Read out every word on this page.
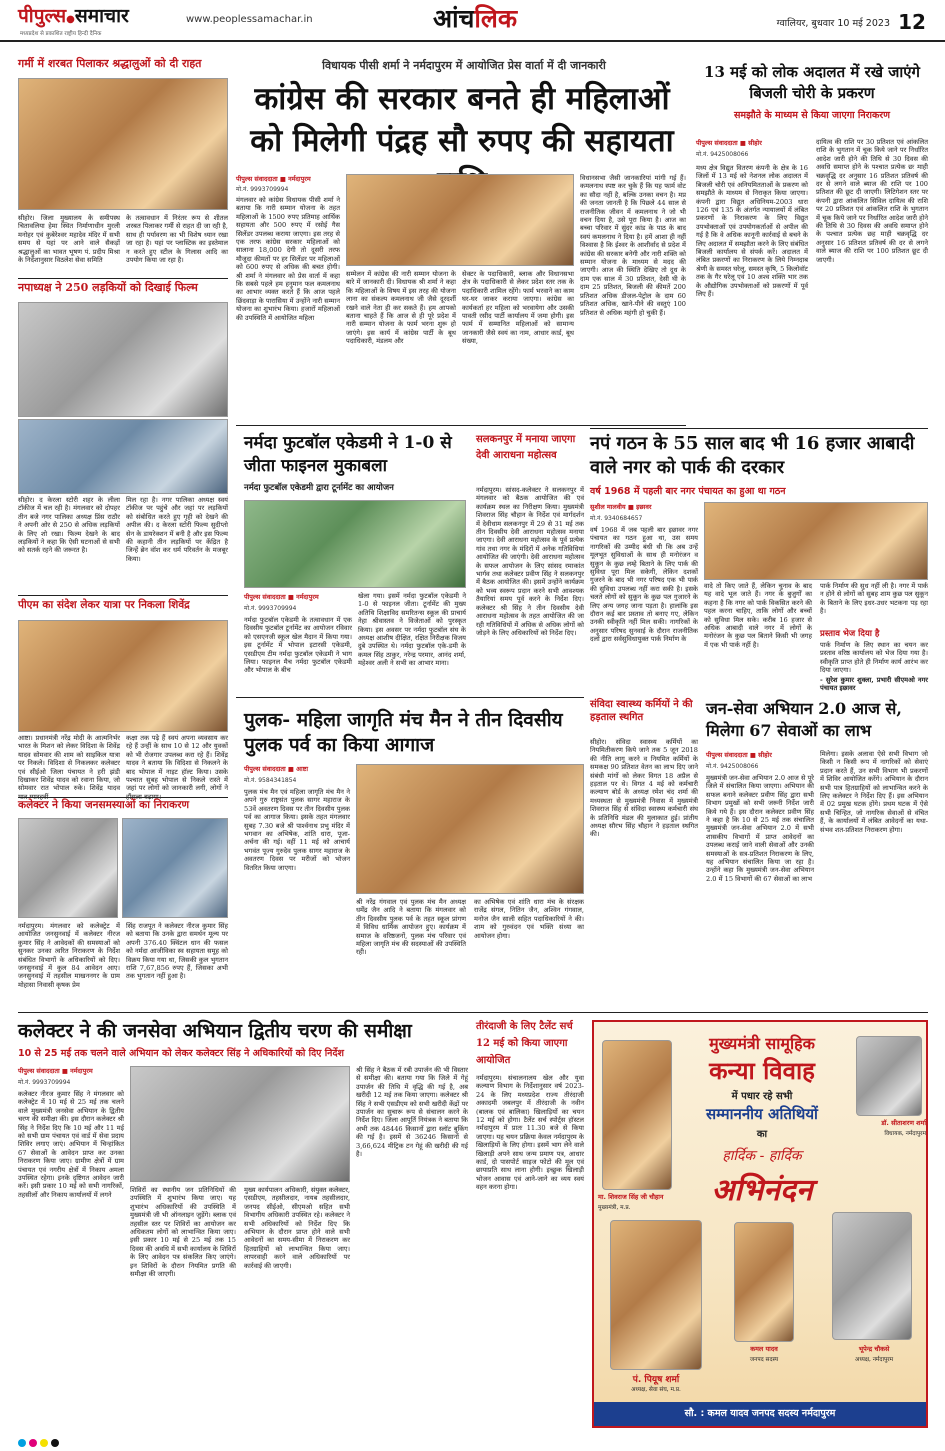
पीपुल्स●समाचार
मध्यप्रदेश से प्रकाशित राष्ट्रीय हिन्दी दैनिक
www.peoplessamachar.in	आंचलिक	ग्वालियर, बुधवार 10 मई 2023 12
गर्मी में शरबत पिलाकर श्रद्धालुओं को दी राहत
सीहोर। जिला मुख्यालय के समीपस्थ चितावलिया हेमा स्थित निर्माणाधीन मुरली मनोहर एवं कुबेरेश्वर महादेव मंदिर में सभी समय से यहां पर आने वाले सैकड़ों श्रद्धालुओं का भावत भूषण पं. प्रदीप मिश्रा के निर्देशानुसार विठलेश सेवा समिति
के तत्वावधान में निरंतर रूप से शीतल शरबत पिलाकर गर्मी से राहत दी जा रही है, साथ ही पर्यावरण का भी विशेष ध्यान रखा जा रहा है। यहां पर प्लास्टिक का इस्तेमाल न करते हुए स्टील के गिलास आदि का उपयोग किया जा रहा है।
नपाध्यक्ष ने 250 लड़कियों को दिखाई फिल्म
सीहोर। द केरला स्टोरी शहर के लीला टॉकीज में चल रही है। मंगलवार को दोपहर तीन बजे नगर पालिका अध्यक्ष प्रिंस राठौर ने अपनी ओर से 250 से अधिक लड़कियों के लिए शो रखा। फिल्म देखने के बाद लड़कियों ने कहा कि ऐसी घटनाओं से सभी को सतर्क रहने की जरूरत है।
मिल रहा है। नगर पालिका अध्यक्ष स्वयं टॉकीज पर पहुंचे और जहां पर लड़कियों को संबोधित करते हुए गृही को देखने की अपील की। द केरला स्टोरी फिल्म सुदीप्तो सेन के डायरेक्शन में बनी है और इस फिल्म की कहानी तीन लड़कियों पर केंद्रित है जिन्हें ब्रेन वॉश कर धर्म परिवर्तन के मजबूर किया।
पीएम का संदेश लेकर यात्रा पर निकला शिवेंद्र
आष्टा। प्रधानमंत्री नरेंद्र मोदी के आत्मनिर्भर भारत के मिशन को लेकर विदिशा के शिवेंद्र यादव सोमवार की शाम को साइकिल यात्रा पर निकले। विदिशा से निकलकर कलेक्टर एवं सीईओ जिला पंचायत ने हरी झंडी दिखाकर शिवेंद्र यादव को रवाना किया, जो सोमवार रात भोपाल रुके। शिवेंद्र यादव
कक्षा तक पढ़े हैं स्वयं अपना व्यवसाय कर रहे हैं उन्हीं के साथ 10 से 12 और युवकों को भी रोजगार उपलब्ध करा रहे हैं। शिवेंद्र यादव ने बताया कि विदिशा से निकलने के बाद भोपाल में नाइट हॉल्ट किया। उसके पश्चात सुबह भोपाल से निकले रास्ते में जहां पर लोगों को जानकारी लगी, लोगों ने
कलेक्टर ने किया जनसमस्याओं का निराकरण
नर्मदापुरम। मंगलवार को कलेक्ट्रेट में आयोजित जनसुनवाई में कलेक्टर नीरज कुमार सिंह ने आवेदकों की समस्याओं को सुनकर उनका त्वरित निराकरण के निर्देश संबंधित विभागों के अधिकारियों को दिए। जनसुनवाई में कुल 84 आवेदन आए। जनसुनवाई में तहसील माखननगर के ग्राम मोहासा निवासी कृषक प्रेम
सिंह राजपूत ने कलेक्टर नीरज कुमार सिंह को बताया कि उनके द्वारा समर्थन मूल्य पर अपनी 376.40 क्विंटल धान की फसल को नर्मदा आजीविका स्व सहायता समूह को विक्रय किया गया था, जिसकी कुल भुगतान राशि 7,67,856 रुपए हैं, जिसका अभी तक भुगतान नहीं हुआ है।
विधायक पीसी शर्मा ने नर्मदापुरम में आयोजित प्रेस वार्ता में दी जानकारी
कांग्रेस की सरकार बनते ही महिलाओं को मिलेगी पंद्रह सौ रुपए की सहायता
पीपुल्स संवाददाता ■ नर्मदापुरम
मो.नं. 9993709994
मंगलवार को कांग्रेस विधायक पीसी शर्मा ने बताया कि नारी सम्मान योजना के तहत महिलाओं के 1500 रुपए प्रतिमाह आर्थिक सहायता और 500 रुपए में रसोई गैस सिलेंडर उपलब्ध कराया जाएगा। इस तरह से एक तरफ कांग्रेस सरकार महिलाओं को सालाना 18,000 देगी तो दूसरी तरफ मौजूदा कीमतों पर हर सिलेंडर पर महिलाओं को 600 रुपए से अधिक की बचत होगी। श्री शर्मा ने मंगलवार को प्रेस वार्ता में कहा कि सबसे पहले हम हनुमान फल कमलनाथ का आभार व्यक्त करते हैं कि आज पहले छिंदवाड़ा के पारासिया में उन्होंने नारी सम्मान योजना का शुभारंभ किया। हजारों महिलाओं की उपस्थिति में आयोजित महिला
सम्मेलन में कांग्रेस की नारी सम्मान योजना के बारे में जानकारी दी। विधायक श्री शर्मा ने कहा कि महिलाओं के विषय में इस तरह की योजना लाना का संकल्प कमलनाथ जी जैसे दूरदर्शी रखने वाले नेता ही कर सकते हैं। हम आपको बताना चाहते हैं कि आज से ही पूरे प्रदेश में नारी सम्मान योजना के फार्म भरना शुरू हो जाएंगे। इस कार्य में कांग्रेस पार्टी के बूथ पदाधिकारी, मंडलम और
सेक्टर के पदाधिकारी, ब्लाक और विधानसभा क्षेत्र के पदाधिकारी से लेकर प्रदेश स्तर तक के पदाधिकारी शामिल रहेंगे। फार्म भरवाने का काम घर-घर जाकर कराया जाएगा। कांग्रेस का कार्यकर्ता हर महिला को भरवायेगा और उसकी पावती रसीद पार्टी कार्यालय में जमा होगी। इस फार्म में सम्मानित महिलाओं को सामान्य जानकारी जैसे स्वयं का नाम, आधार कार्ड, बूथ संख्या,
विधानसभा जैसी जानकारियां मांगी गई हैं। कमलनाथ स्पष्ट कर चुके हैं कि यह फार्म वोट का सौदा नहीं है, बल्कि उनका वचन है। मप्र की जनता जानती है कि पिछले 44 साल से राजनीतिक जीवन में कमलनाथ ने जो भी वचन दिया है, उसे पूरा किया है। आज का बच्चा परिवार में सुंदर कांड के पाठ के बाद स्वयं कमलनाथ ने दिया है। हमें आशा ही नहीं विश्वास है कि ईश्वर के आशीर्वाद से प्रदेश में कांग्रेस की सरकार बनेगी और नारी शक्ति को सम्मान योजना के माध्यम से मदद की जाएगी। आज की स्थिति देखिए तो दूध के दाम एक साल में 30 प्रतिशत, देसी घी के दाम 25 प्रतिशत, बिजली की कीमतें 200 प्रतिशत अधिक डीजल-पेट्रोल के दाम 60 प्रतिशत अधिक, खाने-पीने की वस्तुएं 100 प्रतिशत से अधिक महंगी हो चुकी हैं।
13 मई को लोक अदालत में रखे जाएंगे बिजली चोरी के प्रकरण
समझौते के माध्यम से किया जाएगा निराकरण
पीपुल्स संवाददाता ■ सीहोर
मो.नं. 9425008066
मध्य क्षेत्र विद्युत वितरण कंपनी के क्षेत्र के 16 जिलों में 13 मई को नेशनल लोक अदालत में बिजली चोरी एवं अनियमितताओं के प्रकरण को समझौते के माध्यम से निराकृत किया जाएगा। कंपनी द्वारा विद्युत अधिनियम-2003 धारा 126 एवं 135 के अंतर्गत न्यायालयों में लंबित प्रकरणों के निराकरण के लिए विद्युत उपभोक्ताओं एवं उपयोगकर्ताओं से अपील की गई है कि वे अधिक कानूनी कार्रवाई से बचने के लिए अदालत में समझौता करने के लिए संबंधित बिजली कार्यालय से संपर्क करें। अदालत में लंबित प्रकरणों का निराकरण के लिये निम्नदाब श्रेणी के समस्त घरेलू, समस्त कृषि, 5 किलोवॉट तक के गैर घरेलू एवं 10 अश्व शक्ति भार तक के औद्योगिक उपभोक्ताओं को प्रकरणों में पूर्व लिए हैं।
दायित्व की राशि पर 30 प्रतिशत एवं आंकलित राशि के भुगतान में चूक किये जाने पर निर्धारित आदेश जारी होने की तिथि से 30 दिवस की अवधि समाप्त होने के पश्चात प्रत्येक छः माही चक्रवृद्धि दर अनुसार 16 प्रतिशत प्रतिवर्ष की दर से लगने वाले ब्याज की राशि पर 100 प्रतिशत की छूट दी जाएगी। लिटिगेशन स्तर पर कंपनी द्वारा आंकलित सिविल दायित्व की राशि पर 20 प्रतिशत एवं आंकलित राशि के भुगतान में चूक किये जाने पर निर्धारित आदेश जारी होने की तिथि से 30 दिवस की अवधि समाप्त होने के पश्चात प्रत्येक छह माही चक्रवृद्धि दर अनुसार 16 प्रतिशत प्रतिवर्ष की दर से लगने वाले ब्याज की राशि पर 100 प्रतिशत छूट दी जाएगी।
नर्मदा फुटबॉल एकेडमी ने 1-0 से जीता फाइनल मुकाबला
नर्मदा फुटबॉल एकेडमी द्वारा टूर्नामेंट का आयोजन
पीपुल्स संवाददाता ■ नर्मदापुरम
मो.नं. 9993709994
नर्मदा फुटबॉल एकेडमी के तत्वावधान में एक दिवसीय फुटबॉल टूर्नामेंट का आयोजन रविवार को एसएनजी स्कूल खेल मैदान में किया गया। इस टूर्नामेंट में भोपाल इटारसी एकेडमी, एसडीएम टीम नर्मदा फुटबॉल एकेडमी ने भाग लिया। फाइनल मैच नर्मदा फुटबॉल एकेडमी और भोपाल के बीच
खेला गया। इसमें नर्मदा फुटबॉल एकेडमी ने 1-0 से फाइनल जीता। टूर्नामेंट की मुख्य अतिथि शिक्षाविद समरितन्स स्कूल की प्राचार्य नेहा श्रीवास्तव ने विजेताओं को पुरस्कृत किया। इस अवसर पर नर्मदा फुटबॉल संघ के अध्यक्ष आशीष दीक्षित, रक्षित निरीक्षक विजय दुबे उपस्थित थे। नर्मदा फुटबॉल एके-डमी के कमल सिंह ठाकुर, नरेन्द्र परमार, आनंद शर्मा, महेश्वर अली ने सभी का आभार माना।
सलकनपुर में मनाया जाएगा देवी आराधना महोत्सव
नर्मदापुरम। सांसद-कलेक्टर ने सलकनपुर में मंगलवार को बैठक आयोजित की एवं कार्यक्रम स्थल का निरीक्षण किया। मुख्यमंत्री शिवराज सिंह चौहान के निर्देश एवं मार्गदर्शन में देवीधाम सलकनपुर में 29 से 31 मई तक तीन दिवसीय देवी आराधना महोत्सव मनाया जाएगा। देवी आराधना महोत्सव के पूर्व प्रत्येक गांव तथा नगर के मंदिरों में अनेक गतिविधियां आयोजित की जाएंगी। देवी आराधना महोत्सव के सफल आयोजन के लिए सांसद रमाकांत भार्गव तथा कलेक्टर प्रवीण सिंह ने सलकनपुर में बैठक आयोजित की। इसमें उन्होंने कार्यक्रम को भव्य स्वरूप प्रदान करने सभी आवश्यक तैयारियां समय पूर्व करने के निर्देश दिए। कलेक्टर श्री सिंह ने तीन दिवसीय देवी आराधना महोत्सव के तहत आयोजित की जा रही गतिविधियों में अधिक से अधिक लोगों को जोड़ने के लिए अधिकारियों को निर्देश दिए।
नपं गठन के 55 साल बाद भी 16 हजार आबादी वाले नगर को पार्क की दरकार
वर्ष 1968 में पहली बार नगर पंचायत का हुआ था गठन
सुशील मालवीय ■ इछावर
मो.नं. 9340684657
वर्ष 1968 में जब पहली बार इछावर नगर पंचायत का गठन हुआ था, उस समय नागरिकों की उम्मीद बंधी थी कि अब उन्हें मूलभूत सुविधाओं के साथ ही मनोरंजन व सुकून के कुछ लम्हे बिताने के लिए पार्क की सुविधा पूरा मिल सकेगी, लेकिन दशकों गुजरने के बाद भी नगर परिषद एक भी पार्क की सुविधा उपलब्ध नहीं करा सकी है। इसके चलते लोगों को सुकून के कुछ पल गुजारने के लिए अन्य जगह जाना पड़ता है। हालांकि इस दौरान कई बार प्रस्ताव तो बनाए गए, लेकिन उनकी स्वीकृति नहीं मिल सकी। नागरिकों के अनुसार परिषद सुनवाई के दौरान राजनीतिक दलों द्वारा सर्वसुविधायुक्त पार्क निर्माण के
वादे तो किए जाते हैं, लेकिन चुनाव के बाद यह वादे भूल जाते हैं। नगर के बुजुर्गों का कहना है कि नगर को पार्क विकसित करने की पहल करना चाहिए, ताकि लोगों और बच्चों को सुविधा मिल सके। करीब 16 हजार से अधिक आबादी वाले नगर में लोगों के मनोरंजन के कुछ पल बिताने किसी भी जगह में एक भी पार्क नहीं है।
पार्क निर्माण की सुध नहीं ली है। नगर में पार्क न होने से लोगों को सुबह शाम कुछ पल सुकून के बिताने के लिए इधर-उधर भटकना पड़ रहा है।
प्रस्ताव भेज दिया है
पार्क निर्माण के लिए स्थान का चयन कर प्रस्ताव वरिष्ठ कार्यालय को भेज दिया गया है। स्वीकृति प्राप्त होते ही निर्माण कार्य आरंभ कर दिया जाएगा।
- सुरेश कुमार शुक्ला, प्रभारी सीएमओ नगर पंचायत इछावर
संविदा स्वास्थ्य कर्मियों ने की हड़ताल स्थगित
सीहोर। संविदा स्वास्थ्य कर्मियों का नियमितीकरण किये जाने तक 5 जून 2018 की नीति लागू करने व नियमित कर्मियों के समकक्ष 90 प्रतिशत वेतन का लाभ दिए जाने संबंधी मांगों को लेकर विगत 18 अप्रैल से हड़ताल पर थे। विगत 4 मई को कर्मचारी कल्याण बोर्ड के अध्यक्ष रमेश चंद शर्मा की मध्यस्थता से मुख्यमंत्री निवास में मुख्यमंत्री शिवराज सिंह से संविदा स्वास्थ्य कर्मचारी संघ के प्रतिनिधि मंडल की मुलाकात हुई। प्रांतीय अध्यक्ष सौरभ सिंह चौहान ने हड़ताल स्थगित की।
जन-सेवा अभियान 2.0 आज से, मिलेगा 67 सेवाओं का लाभ
पीपुल्स संवाददाता ■ सीहोर
मो.नं. 9425008066
मुख्यमंत्री जन-सेवा अभियान 2.0 आज से पूरे जिले में संचालित किया जाएगा। अभियान की सफल बनाने कलेक्टर प्रवीण सिंह द्वारा सभी विभाग प्रमुखों को सभी जरूरी निर्देश जारी किये गये हैं। इस दौरान कलेक्टर प्रवीण सिंह ने कहा है कि 10 से 25 मई तक संचालित मुख्यमंत्री जन-सेवा अभियान 2.0 में सभी शासकीय विभागों में प्राप्त आवेदनों का उपलब्ध कराई जाने वाली सेवाओं और उनकी समस्याओं के सत्र-प्रतिशत निराकरण के लिए, यह अभियान संचालित किया जा रहा है। उन्होंने कहा कि मुख्यमंत्री जन-सेवा अभियान 2.0 में 15 विभागों की 67 सेवाओं का लाभ
मिलेगा। इसके अलावा ऐसे सभी विभाग जो किसी न किसी रूप में नागरिकों को सेवाएं प्रदान करते हैं, उन सभी विभाग भी प्रकरणों में शिविर आयोजित करेंगे। अभियान के दौरान सभी पात्र हितग्राहियों को लाभान्वित करने के लिए कलेक्टर ने निर्देश दिए हैं। इस अभियान में 02 प्रमुख घटक होंगे। प्रथम घटक में ऐसे सभी चिन्हित, जो नागरिक सेवाओं से वंचित हैं, के कार्यालयों में लंबित आवेदनों का यथा-संभव शत-प्रतिशत निराकरण होगा।
पुलक- महिला जागृति मंच मैन ने तीन दिवसीय पुलक पर्व का किया आगाज
पीपुल्स संवाददाता ■ आष्टा
मो.नं. 9584341854
पुलक मंच मैन एवं महिला जागृति मंच मैन ने अपने गुरु राष्ट्रसंत पुलक सागर महाराज के 53वें अवतरण दिवस पर तीन दिवसीय पुलक पर्व का आगाज किया। इसके तहत मंगलवार सुबह 7.30 बजे श्री पार्श्वनाथ प्रभु मंदिर में भगवान का अभिषेक, शांति धारा, पूजा-अर्चना की गई। वहीं 11 मई को आचार्य भगवंत पूज्य गुरुदेव पुलक सागर महाराज के अवतरण दिवस पर मरीजों को भोजन वितरित किया जाएगा।
श्री नरेंद्र गंगवाल एवं पुलक मंच मैन अध्यक्ष धर्मेंद्र जैन आदि ने बताया कि मंगलवार को तीन दिवसीय पुलक पर्व के तहत स्कूल प्रांगण में विविध धार्मिक आयोजन हुए। कार्यक्रम में समाज के वरिष्ठजनों, पुलक मंच परिवार एवं महिला जागृति मंच की सदस्याओं की उपस्थिति रही।
का अभिषेक एवं शांति धारा मंच के संरक्षक राजेंद्र संगल, नितिन जैन, अश्विन गंगवाल, मनोज जैन साली सहित पदाधिकारियों ने की। शाम को गुरुवंदन एवं भक्ति संध्या का आयोजन होगा।
कलेक्टर ने की जनसेवा अभियान द्वितीय चरण की समीक्षा
10 से 25 मई तक चलने वाले अभियान को लेकर कलेक्टर सिंह ने अधिकारियों को दिए निर्देश
पीपुल्स संवाददाता ■ नर्मदापुरम
मो.नं. 9993709994
कलेक्टर नीरज कुमार सिंह ने मंगलवार को कलेक्ट्रेट में 10 मई से 25 मई तक चलने वाले मुख्यमंत्री जनसेवा अभियान के द्वितीय चरण की समीक्षा की। इस दौरान कलेक्टर श्री सिंह ने निर्देश दिए कि 10 मई और 11 मई को सभी ग्राम पंचायत एवं वार्ड में सेवा प्रदाय शिविर लगाए जाएं। अभियान में चिन्हांकित 67 सेवाओं के आवेदन प्राप्त कर उनका निराकरण किया जाए। ग्रामीण क्षेत्रों में ग्राम पंचायत एवं नगरीय क्षेत्रों में निकाय अमला उपस्थित रहेगा। इनके दृष्टिगत आवेदन जारी करें। इसी प्रकार 10 मई को सभी नागरिकों, तहसीलों और निकाय कार्यालयों में लगने
शिविरों का स्थानीय जन प्रतिनिधियों की उपस्थिति में शुभारंभ किया जाए। यह शुभारंभ अधिकारियों की उपस्थिति में मुख्यमंत्री जी भी ऑनलाइन जुड़ेंगे। ब्लाक एवं तहसील स्तर पर शिविरों का आयोजन कर अधिकतम लोगों को लाभान्वित किया जाए। इसी प्रकार 10 मई से 25 मई तक 15 दिवस की अवधि में सभी कार्यालय के शिविरों के लिए आवेदन पत्र संकलित किए जाएंगे। इन शिविरों के दौरान नियमित प्रगति की समीक्षा की जाएगी।
मुख्य कार्यपालन अधिकारी, संयुक्त कलेक्टर, एसडीएम, तहसीलदार, नायब तहसीलदार, जनपद सीईओ, सीएमओ सहित सभी विभागीय अधिकारी उपस्थित रहे। कलेक्टर ने सभी अधिकारियों को निर्देश दिए कि अभियान के दौरान प्राप्त होने वाले सभी आवेदनों का समय-सीमा में निराकरण कर हितग्राहियों को लाभान्वित किया जाए। लापरवाही करने वाले अधिकारियों पर कार्रवाई की जाएगी।
श्री सिंह ने बैठक में रबी उपार्जन की भी विस्तार से समीक्षा की। बताया गया कि जिले में गेहूं उपार्जन की तिथि में वृद्धि की गई है, अब खरीदी 12 मई तक किया जाएगा। कलेक्टर श्री सिंह ने सभी एसडीएम को सभी खरीदी केंद्रों पर उपार्जन का सुचारू रूप से संचालन करने के निर्देश दिए। जिला आपूर्ति नियंत्रक ने बताया कि अभी तक 48446 किसानों द्वारा स्लॉट बुकिंग की गई है। इसमें से 36246 किसानों से 3,66,624 मीट्रिक टन गेहूं की खरीदी की गई है।
तीरंदाजी के लिए टैलेंट सर्च 12 मई को किया जाएगा आयोजित
नर्मदापुरम। संचालनालय खेल और युवा कल्याण विभाग के निर्देशानुसार वर्ष 2023-24 के लिए मध्यप्रदेश राज्य तीरंदाजी अकादमी जबलपुर में तीरंदाजी के नवीन (बालक एवं बालिका) खिलाड़ियों का चयन 12 मई को होगा। टैलेंट सर्च स्पोर्ट्स हॉस्टल नर्मदापुरम में प्रातः 11.30 बजे से किया जाएगा। यह चयन प्रक्रिया केवल नर्मदापुरम के खिलाड़ियों के लिए होगा। इसमें भाग लेने वाले खिलाड़ी अपने साथ जन्म प्रमाण पत्र, आधार कार्ड, दो पासपोर्ट साइज फोटो की मूल एवं छायाप्रति साथ लाना होगी। इच्छुक खिलाड़ी भोजन आवास एवं आने-जाने का व्यय स्वयं वहन करना होगा।
मुख्यमंत्री सामूहिक
कन्या विवाह
में पधार रहे सभी
सम्माननीय अतिथियों
का
हार्दिक - हार्दिक
अभिनंदन
मा. शिवराज सिंह जी चौहान
मुख्यमंत्री, म.प्र.
डॉ. सीताशरण शर्मा
विधायक, नर्मदापुरम
कमल यादव
जनपद सदस्य
भूपेन्द्र चौकसे
अध्यक्ष, नर्मदापुरम
पं. पियूष शर्मा
अध्यक्ष, सेवा संघ, म.प्र.
सौ. : कमल यादव जनपद सदस्य नर्मदापुरम
